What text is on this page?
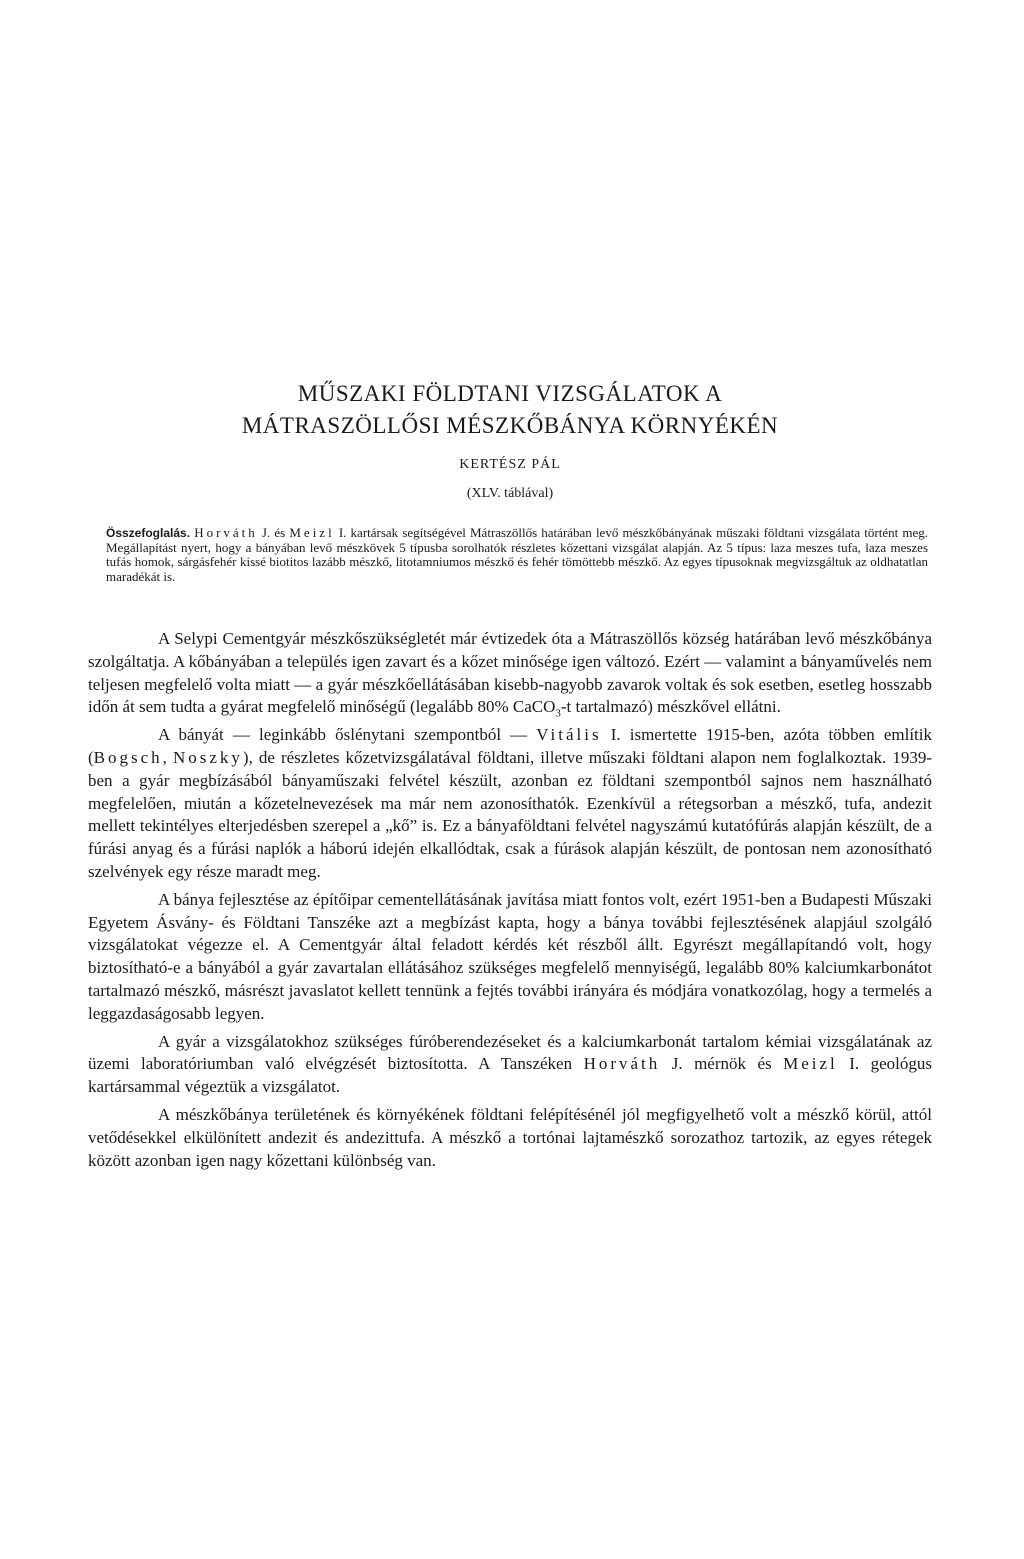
MŰSZAKI FÖLDTANI VIZSGÁLATOK A
MÁTRASZÖLLŐSI MÉSZKŐBÁNYA KÖRNYÉKÉN

KERTÉSZ PÁL

(XLV. táblával)

Összefoglalás. Horváth J. és Meizl I. kartársak segítségével Mátraszöllős határában levő mészkőbányának műszaki földtani vizsgálata történt meg. Megállapítást nyert, hogy a bányában levő mészkövek 5 típusba sorolhatók részletes kőzettani vizsgálat alapján. Az 5 típus: laza meszes tufa, laza meszes tufás homok, sárgásfehér kissé biotitos lazább mészkő, litotamniumos mészkő és fehér tömöttebb mészkő. Az egyes típusoknak megvizsgáltuk az oldhatatlan maradékát is.

A Selypi Cementgyár mészkőszükségletét már évtizedek óta a Mátraszöllős község határában levő mészkőbánya szolgáltatja. A kőbányában a település igen zavart és a kőzet minősége igen változó. Ezért — valamint a bányaművelés nem teljesen megfelelő volta miatt — a gyár mészkőellátásában kisebb-nagyobb zavarok voltak és sok esetben, esetleg hosszabb időn át sem tudta a gyárat megfelelő minőségű (legalább 80% CaCO$_3$-t tartalmazó) mészkővel ellátni.

A bányát — leginkább őslénytani szempontból — Vitális I. ismertette 1915-ben, azóta többen említik (Bogsch, Noszky), de részletes kőzetvizsgálatával földtani, illetve műszaki földtani alapon nem foglalkoztak. 1939-ben a gyár megbízásából bányaműszaki felvétel készült, azonban ez földtani szempontból sajnos nem használható megfelelően, miután a kőzetelnevezések ma már nem azonosíthatók. Ezenkívül a rétegsorban a mészkő, tufa, andezit mellett tekintélyes elterjedésben szerepel a „kő” is. Ez a bányaföldtani felvétel nagyszámú kutatófúrás alapján készült, de a fúrási anyag és a fúrási naplók a háború idején elkallódtak, csak a fúrások alapján készült, de pontosan nem azonosítható szelvények egy része maradt meg.

A bánya fejlesztése az építőipar cementellátásának javítása miatt fontos volt, ezért 1951-ben a Budapesti Műszaki Egyetem Ásvány- és Földtani Tanszéke azt a megbízást kapta, hogy a bánya további fejlesztésének alapjául szolgáló vizsgálatokat végezze el. A Cementgyár által feladott kérdés két részből állt. Egyrészt megállapítandó volt, hogy biztosítható-e a bányából a gyár zavartalan ellátásához szükséges megfelelő mennyiségű, legalább 80% kalciumkarbonátot tartalmazó mészkő, másrészt javaslatot kellett tennünk a fejtés további irányára és módjára vonatkozólag, hogy a termelés a leggazdaságosabb legyen.

A gyár a vizsgálatokhoz szükséges fúróberendezéseket és a kalciumkarbonát tartalom kémiai vizsgálatának az üzemi laboratóriumban való elvégzését biztosította. A Tanszéken Horváth J. mérnök és Meizl I. geológus kartársammal végeztük a vizsgálatot.

A mészkőbánya területének és környékének földtani felépítésénél jól megfigyelhető volt a mészkő körül, attól vetődésekkel elkülönített andezit és andezittufa. A mészkő a tortónai lajtamészkő sorozathoz tartozik, az egyes rétegek között azonban igen nagy kőzettani különbség van.
